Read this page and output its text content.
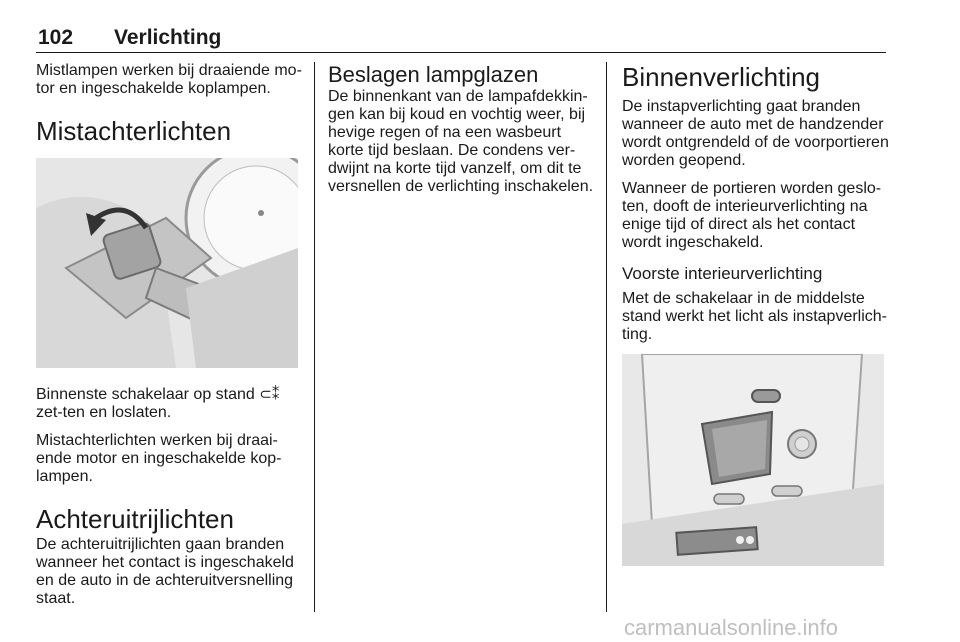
102 Verlichting

Mistlampen werken bij draaiende mo-tor en ingeschakelde koplampen.

Mistachterlichten

Binnenste schakelaar op stand ⊂⁑ zet-ten en loslaten.

Mistachterlichten werken bij draai-ende motor en ingeschakelde kop-lampen.

Achteruitrijlichten

De achteruitrijlichten gaan branden wanneer het contact is ingeschakeld en de auto in de achteruitversnelling staat.

Beslagen lampglazen

De binnenkant van de lampafdekkin-gen kan bij koud en vochtig weer, bij hevige regen of na een wasbeurt korte tijd beslaan. De condens ver-dwijnt na korte tijd vanzelf, om dit te versnellen de verlichting inschakelen.

Binnenverlichting

De instapverlichting gaat branden wanneer de auto met de handzender wordt ontgrendeld of de voorportieren worden geopend.

Wanneer de portieren worden geslo-ten, dooft de interieurverlichting na enige tijd of direct als het contact wordt ingeschakeld.

Voorste interieurverlichting

Met de schakelaar in de middelste stand werkt het licht als instapverlich-ting.

carmanualsonline.info
